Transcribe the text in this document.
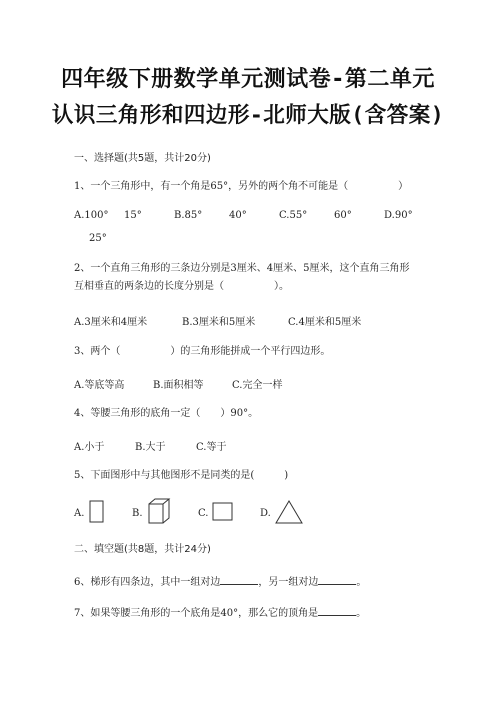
四年级下册数学单元测试卷-第二单元
认识三角形和四边形-北师大版(含答案)
一、选择题(共5题，共计20分)
1、一个三角形中，有一个角是65°，另外的两个角不可能是（　　　　　）
A.100° 15°	B.85°	40°	C.55°	60°	D.90°
25°
2、一个直角三角形的三条边分别是3厘米、4厘米、5厘米，这个直角三角形
互相垂直的两条边的长度分别是（　　　　　）。
A.3厘米和4厘米	B.3厘米和5厘米	C.4厘米和5厘米
3、两个（　　　　　）的三角形能拼成一个平行四边形。
A.等底等高	B.面积相等	C.完全一样
4、等腰三角形的底角一定（　　）90°。
A.小于	B.大于	C.等于
5、下面图形中与其他图形不是同类的是(　　　)
A.	B.	C.	D.
二、填空题(共8题，共计24分)
6、梯形有四条边，其中一组对边	，另一组对边	。
7、如果等腰三角形的一个底角是40°，那么它的顶角是	。
